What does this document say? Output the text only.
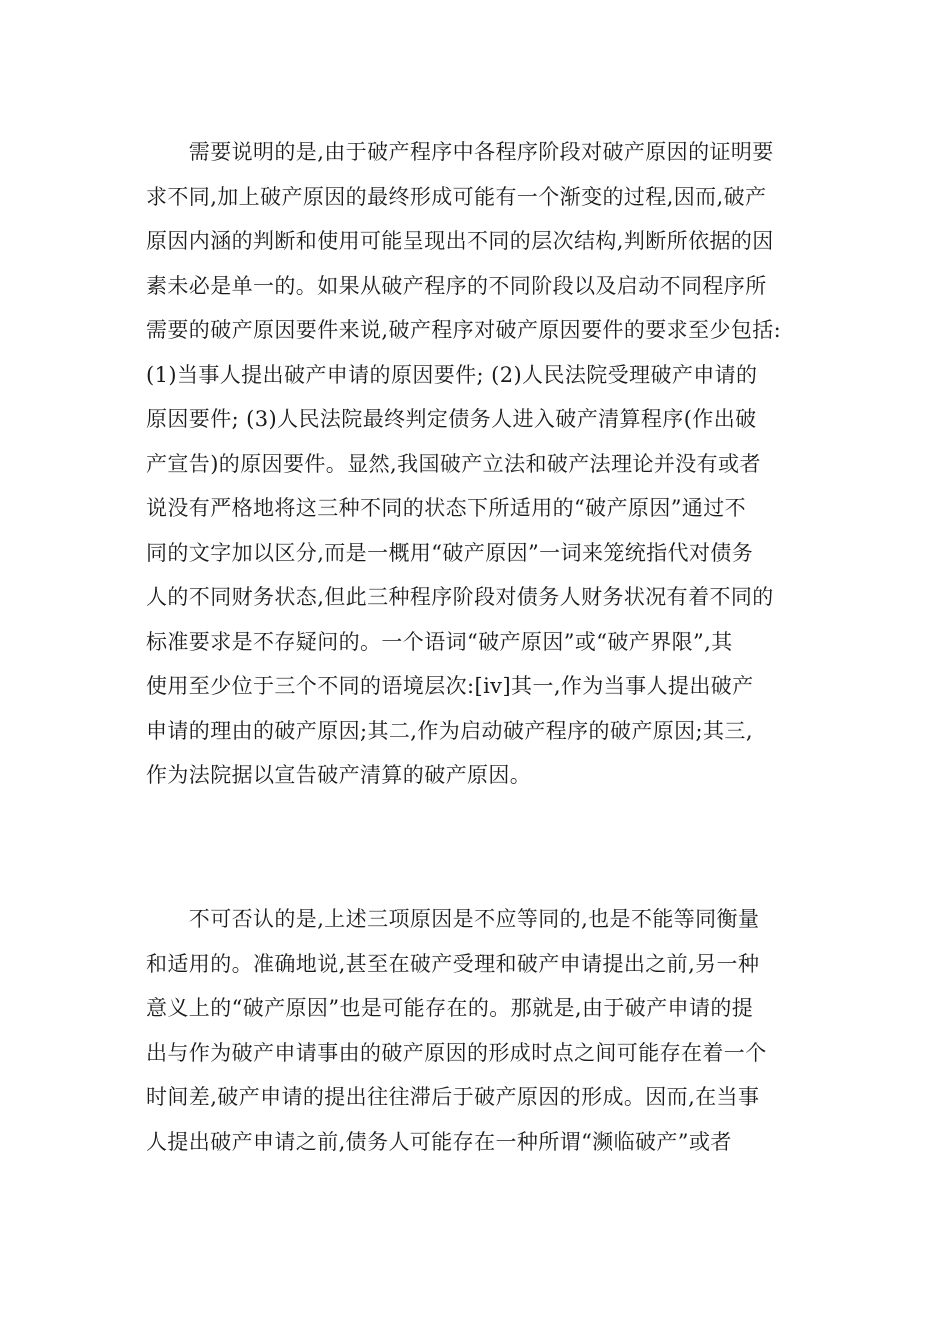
　　需要说明的是,由于破产程序中各程序阶段对破产原因的证明要
求不同,加上破产原因的最终形成可能有一个渐变的过程,因而,破产
原因内涵的判断和使用可能呈现出不同的层次结构,判断所依据的因
素未必是单一的。如果从破产程序的不同阶段以及启动不同程序所
需要的破产原因要件来说,破产程序对破产原因要件的要求至少包括:
(1)当事人提出破产申请的原因要件; (2)人民法院受理破产申请的
原因要件; (3)人民法院最终判定债务人进入破产清算程序(作出破
产宣告)的原因要件。显然,我国破产立法和破产法理论并没有或者
说没有严格地将这三种不同的状态下所适用的“破产原因”通过不
同的文字加以区分,而是一概用“破产原因”一词来笼统指代对债务
人的不同财务状态,但此三种程序阶段对债务人财务状况有着不同的
标准要求是不存疑问的。一个语词“破产原因”或“破产界限”,其
使用至少位于三个不同的语境层次:[iv]其一,作为当事人提出破产
申请的理由的破产原因;其二,作为启动破产程序的破产原因;其三,
作为法院据以宣告破产清算的破产原因。
　　不可否认的是,上述三项原因是不应等同的,也是不能等同衡量
和适用的。准确地说,甚至在破产受理和破产申请提出之前,另一种
意义上的“破产原因”也是可能存在的。那就是,由于破产申请的提
出与作为破产申请事由的破产原因的形成时点之间可能存在着一个
时间差,破产申请的提出往往滞后于破产原因的形成。因而,在当事
人提出破产申请之前,债务人可能存在一种所谓“濒临破产”或者
